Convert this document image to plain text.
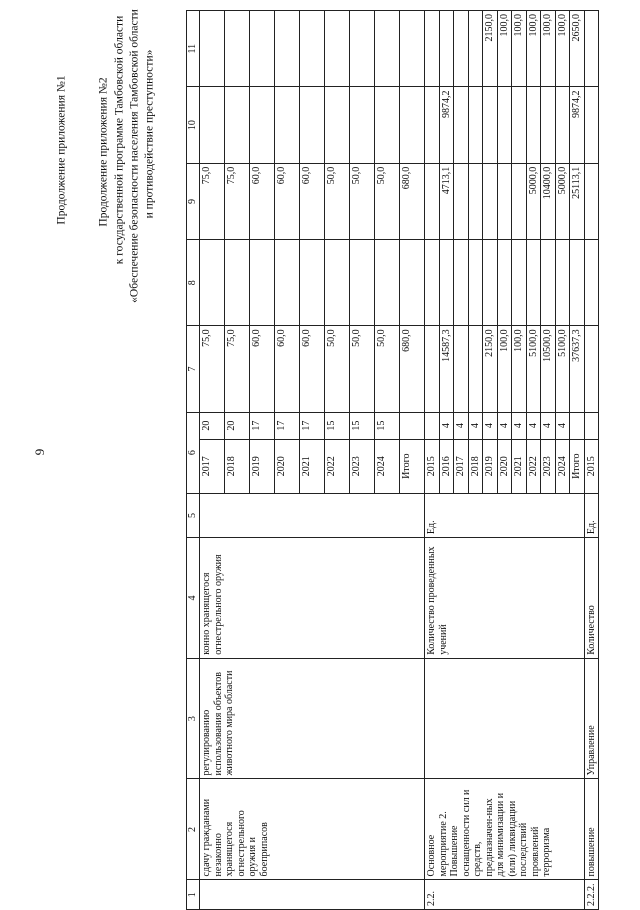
9
Продолжение приложения №1	Продолжение приложения №2 к государственной программе Тамбовской области «Обеспечение безопасности населения Тамбовской области и противодействие преступности»
1	2	3	4	5	6		7	8	9	10	11
	сдачу гражданами незаконно хранящегося огнестрельного оружия и боеприпасов	регулированию использования объектов животного мира области	конно хранящегося огнестрельного оружия		2017	20	75,0		75,0		
					2018	20	75,0		75,0		
					2019	17	60,0		60,0		
					2020	17	60,0		60,0		
					2021	17	60,0		60,0		
					2022	15	50,0		50,0		
					2023	15	50,0		50,0		
					2024	15	50,0		50,0		
					Итого		680,0		680,0		
2.2.	Основное мероприятие 2. Повышение оснащенности сил и средств, предназначен-ных для минимизации и (или) ликвидации последствий проявлений терроризма		Количество проведенных учений	Ед.	2015						
					2016	4	14587,3		4713,1	9874,2	
					2017	4					
					2018	4					
					2019	4	2150,0				2150,0
					2020	4	100,0				100,0
					2021	4	100,0				100,0
					2022	4	5100,0		5000,0		100,0
					2023	4	10500,0		10400,0		100,0
					2024	4	5100,0		5000,0		100,0
					Итого		37637,3		25113,1	9874,2	2650,0
2.2.2.	повышение	Управление	Количество	Ед.	2015						
